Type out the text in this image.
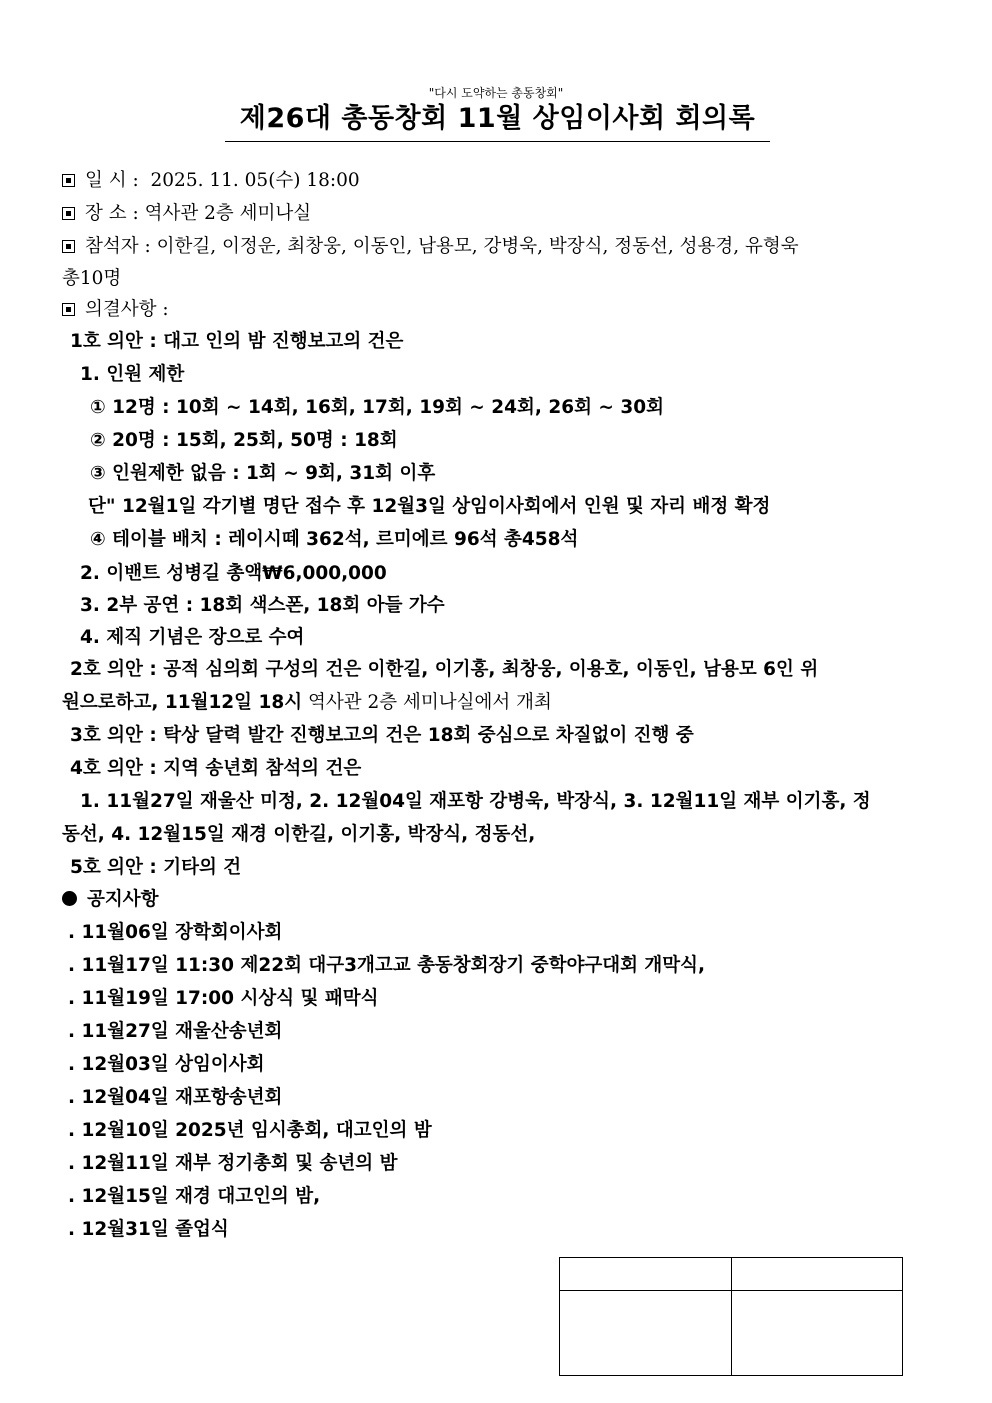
"다시 도약하는 총동창회"
제26대 총동창회 11월 상임이사회 회의록
일 시 : 2025. 11. 05(수) 18:00
장 소 : 역사관 2층 세미나실
참석자 : 이한길, 이정운, 최창웅, 이동인, 남용모, 강병욱, 박장식, 정동선, 성용경, 유형욱
총10명
의결사항 :
1호 의안 : 대고 인의 밤 진행보고의 건은
1. 인원 제한
① 12명 : 10회 ~ 14회, 16회, 17회, 19회 ~ 24회, 26회 ~ 30회
② 20명 : 15회, 25회, 50명 : 18회
③ 인원제한 없음 : 1회 ~ 9회, 31회 이후
단" 12월1일 각기별 명단 접수 후 12월3일 상임이사회에서 인원 및 자리 배정 확정
④ 테이블 배치 : 레이시떼 362석, 르미에르 96석 총458석
2. 이밴트 성병길 총액₩6,000,000
3. 2부 공연 : 18회 색스폰, 18회 아들 가수
4. 제직 기념은 장으로 수여
2호 의안 : 공적 심의회 구성의 건은 이한길, 이기홍, 최창웅, 이용호, 이동인, 남용모 6인 위
원으로하고, 11월12일 18시 역사관 2층 세미나실에서 개최
3호 의안 : 탁상 달력 발간 진행보고의 건은 18회 중심으로 차질없이 진행 중
4호 의안 : 지역 송년회 참석의 건은
1. 11월27일 재울산 미정, 2. 12월04일 재포항 강병욱, 박장식, 3. 12월11일 재부 이기홍, 정
동선, 4. 12월15일 재경 이한길, 이기홍, 박장식, 정동선,
5호 의안 : 기타의 건
공지사항
. 11월06일 장학회이사회
. 11월17일 11:30 제22회 대구3개고교 총동창회장기 중학야구대회 개막식,
. 11월19일 17:00 시상식 및 패막식
. 11월27일 재울산송년회
. 12월03일 상임이사회
. 12월04일 재포항송년회
. 12월10일 2025년 임시총회, 대고인의 밤
. 12월11일 재부 정기총회 및 송년의 밤
. 12월15일 재경 대고인의 밤,
. 12월31일 졸업식
